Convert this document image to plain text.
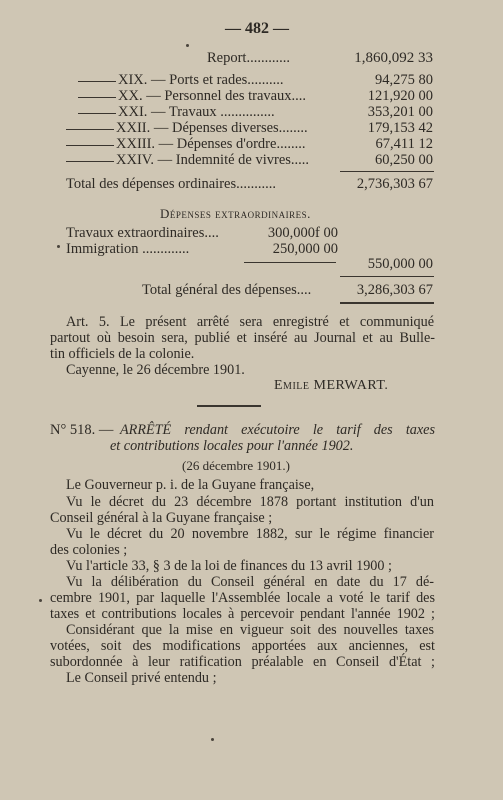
— 482 —
Report............	1,860,092 33
XIX. — Ports et rades..........	94,275 80
XX. — Personnel des travaux....	121,920 00
XXI. — Travaux ...............	353,201 00
XXII. — Dépenses diverses........	179,153 42
XXIII. — Dépenses d'ordre........	67,411 12
XXIV. — Indemnité de vivres.....	60,250 00
Total des dépenses ordinaires...........	2,736,303 67
Dépenses extraordinaires.
Travaux extraordinaires....	300,000f 00
Immigration .............	250,000 00
550,000 00
Total général des dépenses....	3,286,303 67
Art. 5. Le présent arrêté sera enregistré et communiqué
partout où besoin sera, publié et inséré au Journal et au Bulle-
tin officiels de la colonie.
Cayenne, le 26 décembre 1901.
Emile MERWART.
N° 518. — ARRÊTÉ rendant exécutoire le tarif des taxes
et contributions locales pour l'année 1902.
(26 décembre 1901.)
Le Gouverneur p. i. de la Guyane française,
Vu le décret du 23 décembre 1878 portant institution d'un
Conseil général à la Guyane française ;
Vu le décret du 20 novembre 1882, sur le régime financier
des colonies ;
Vu l'article 33, § 3 de la loi de finances du 13 avril 1900 ;
Vu la délibération du Conseil général en date du 17 dé-
cembre 1901, par laquelle l'Assemblée locale a voté le tarif des
taxes et contributions locales à percevoir pendant l'année 1902 ;
Considérant que la mise en vigueur soit des nouvelles taxes
votées, soit des modifications apportées aux anciennes, est
subordonnée à leur ratification préalable en Conseil d'État ;
Le Conseil privé entendu ;
